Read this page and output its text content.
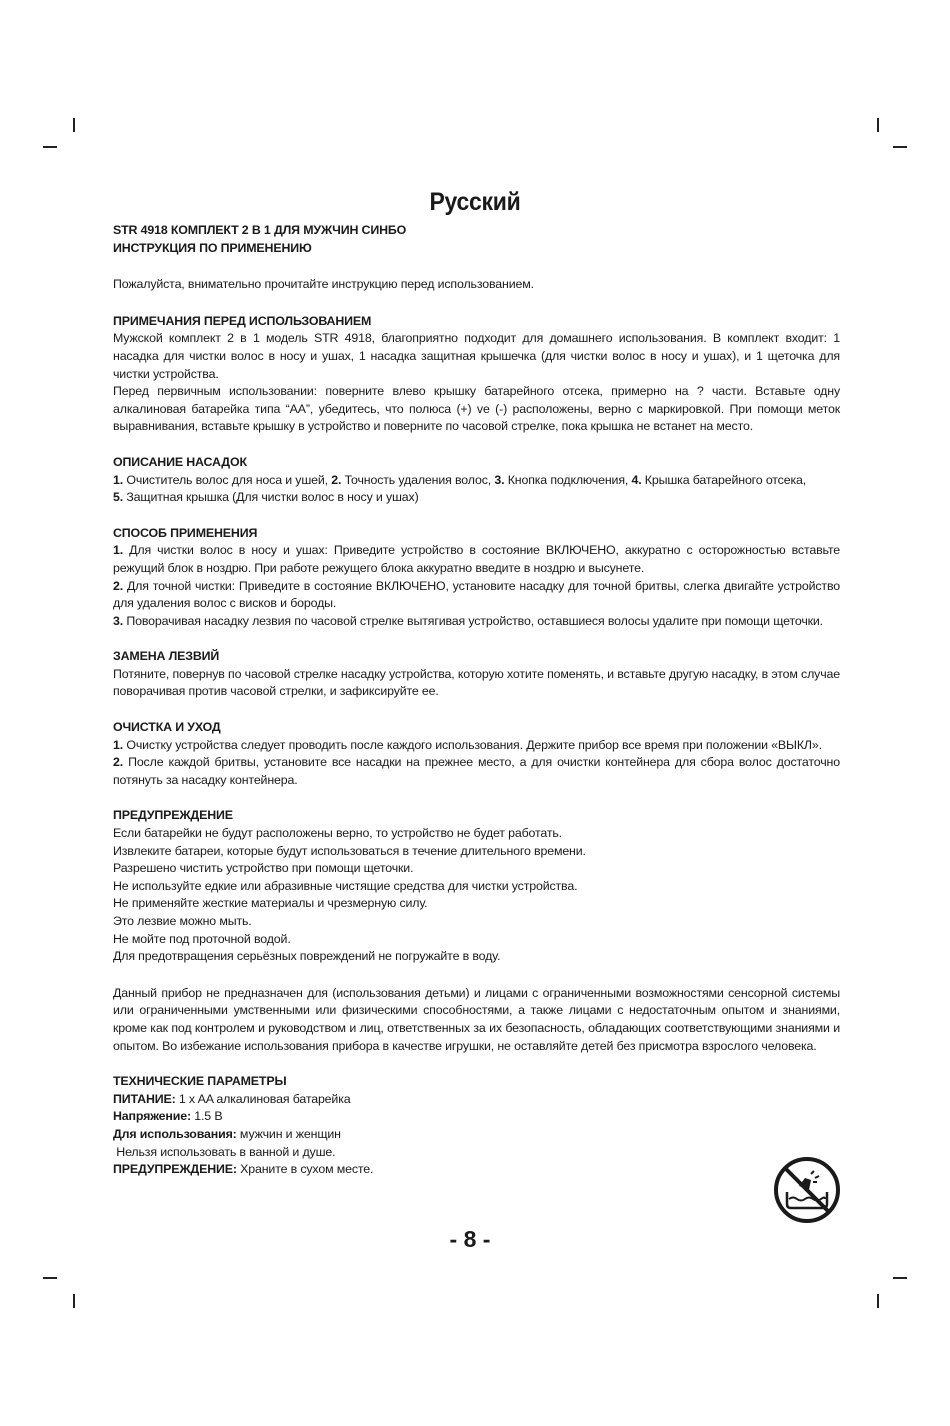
Русский

STR 4918 КОМПЛЕКТ 2 В 1 ДЛЯ МУЖЧИН СИНБО

ИНСТРУКЦИЯ ПО ПРИМЕНЕНИЮ

Пожалуйста, внимательно прочитайте инструкцию перед использованием.

ПРИМЕЧАНИЯ ПЕРЕД ИСПОЛЬЗОВАНИЕМ

Мужской комплект 2 в 1 модель STR 4918, благоприятно подходит для домашнего использования. В комплект входит: 1 насадка для чистки волос в носу и ушах, 1 насадка защитная крышечка (для чистки волос в носу и ушах), и 1 щеточка для чистки устройства.

Перед первичным использовании: поверните влево крышку батарейного отсека, примерно на ? части. Вставьте одну алкалиновая батарейка типа “АА”, убедитесь, что полюса (+) ve (-) расположены, верно с маркировкой. При помощи меток выравнивания, вставьте крышку в устройство и поверните по часовой стрелке, пока крышка не встанет на место.

ОПИСАНИЕ НАСАДОК

1. Очиститель волос для носа и ушей, 2. Точность удаления волос, 3. Кнопка подключения, 4. Крышка батарейного отсека,

5. Защитная крышка (Для чистки волос в носу и ушах)

СПОСОБ ПРИМЕНЕНИЯ

1. Для чистки волос в носу и ушах: Приведите устройство в состояние ВКЛЮЧЕНО, аккуратно с осторожностью вставьте режущий блок в ноздрю. При работе режущего блока аккуратно введите в ноздрю и высунете.

2. Для точной чистки: Приведите в состояние ВКЛЮЧЕНО, установите насадку для точной бритвы, слегка двигайте устройство для удаления волос с висков и бороды.

3. Поворачивая насадку лезвия по часовой стрелке вытягивая устройство, оставшиеся волосы удалите при помощи щеточки.

ЗАМЕНА ЛЕЗВИЙ

Потяните, повернув по часовой стрелке насадку устройства, которую хотите поменять, и вставьте другую насадку, в этом случае поворачивая против часовой стрелки, и зафиксируйте ее.

ОЧИСТКА И УХОД

1. Очистку устройства следует проводить после каждого использования. Держите прибор все время при положении «ВЫКЛ».

2. После каждой бритвы, установите все насадки на прежнее место, а для очистки контейнера для сбора волос достаточно потянуть за насадку контейнера.

ПРЕДУПРЕЖДЕНИЕ

Если батарейки не будут расположены верно, то устройство не будет работать.

Извлеките батареи, которые будут использоваться в течение длительного времени.

Разрешено чистить устройство при помощи щеточки.

Не используйте едкие или абразивные чистящие средства для чистки устройства.

Не применяйте жесткие материалы и чрезмерную силу.

Это лезвие можно мыть.

Не мойте под проточной водой.

Для предотвращения серьёзных повреждений не погружайте в воду.

Данный прибор не предназначен для (использования детьми) и лицами с ограниченными возможностями сенсорной системы или ограниченными умственными или физическими способностями, а также лицами с недостаточным опытом и знаниями, кроме как под контролем и руководством и лиц, ответственных за их безопасность, обладающих соответствующими знаниями и опытом. Во избежание использования прибора в качестве игрушки, не оставляйте детей без присмотра взрослого человека.

ТЕХНИЧЕСКИЕ ПАРАМЕТРЫ

ПИТАНИЕ: 1 x AA алкалиновая батарейка

Напряжение: 1.5 В

Для использования: мужчин и женщин

Нельзя использовать в ванной и душе.

ПРЕДУПРЕЖДЕНИЕ: Храните в сухом месте.

- 8 -
